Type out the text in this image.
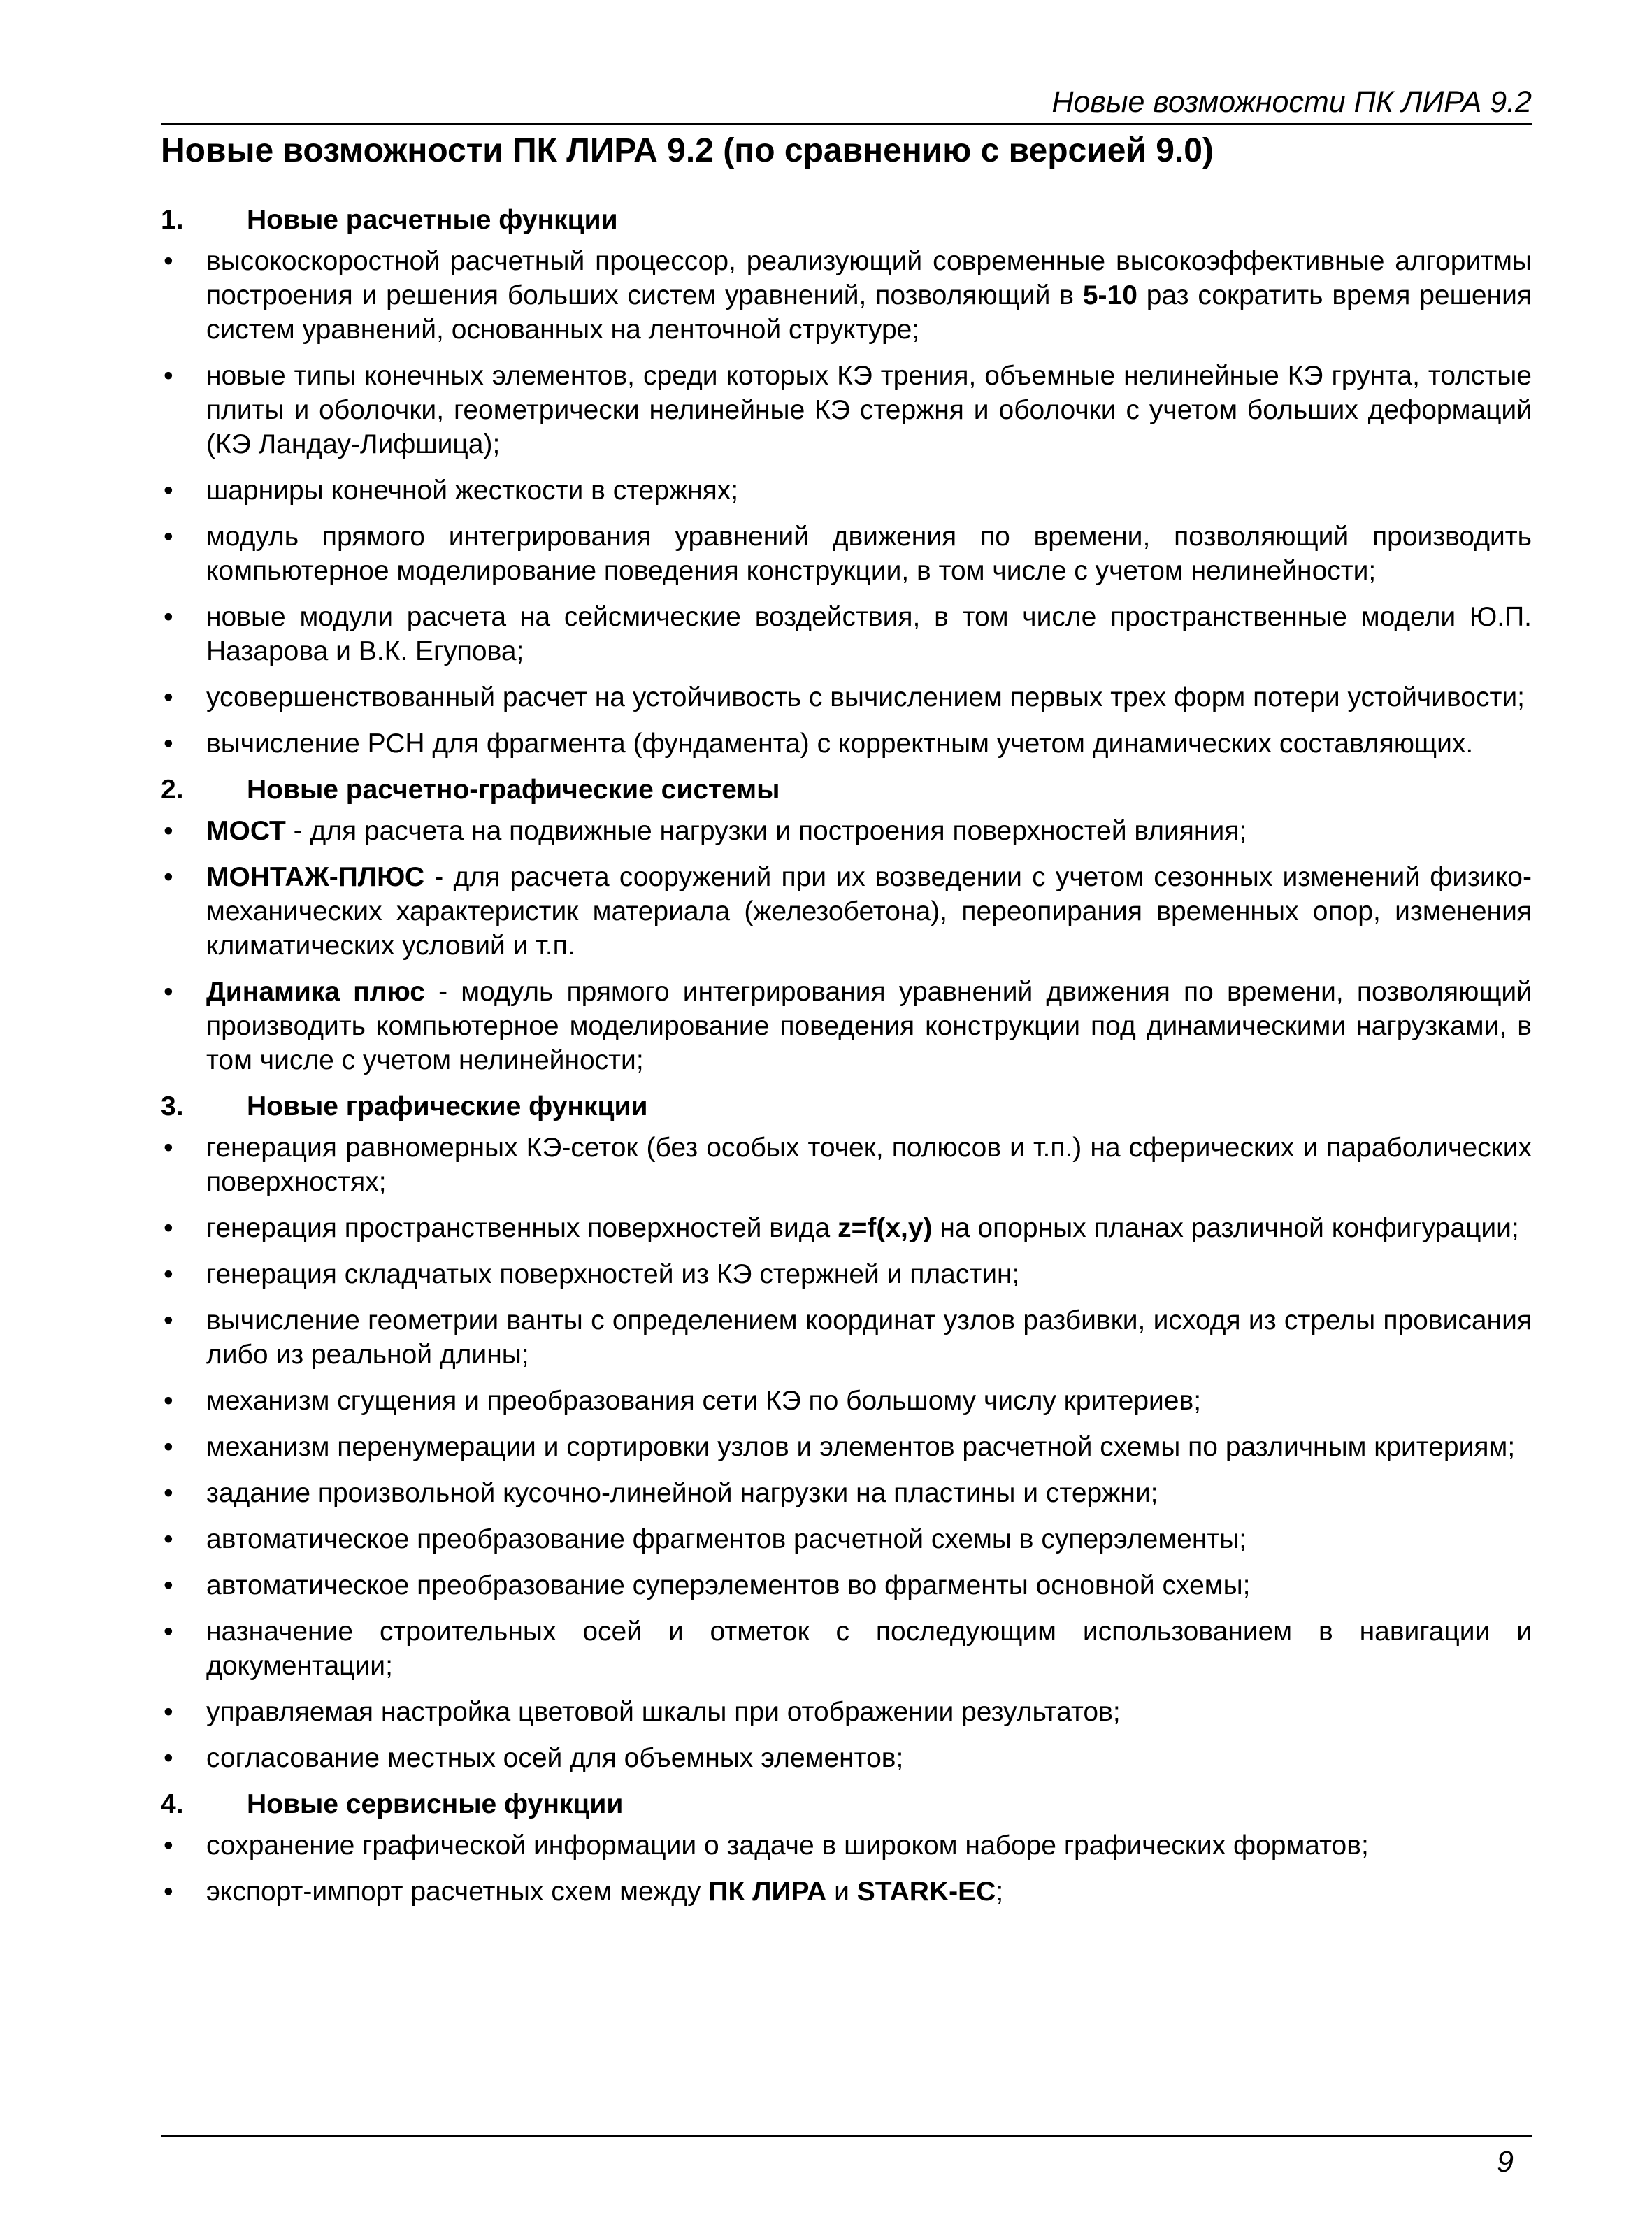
Новые возможности ПК ЛИРА 9.2
Новые возможности ПК ЛИРА 9.2 (по сравнению с версией 9.0)
1.	Новые расчетные функции
•	высокоскоростной расчетный процессор, реализующий современные высокоэффективные алгоритмы построения и решения больших систем уравнений, позволяющий в 5-10 раз сократить время решения систем уравнений, основанных на ленточной структуре;
•	новые типы конечных элементов, среди которых КЭ трения, объемные нелинейные КЭ грунта, толстые плиты и оболочки, геометрически нелинейные КЭ стержня и оболочки с учетом больших деформаций (КЭ Ландау-Лифшица);
•	шарниры конечной жесткости в стержнях;
•	модуль прямого интегрирования уравнений движения по времени, позволяющий производить компьютерное моделирование поведения конструкции, в том числе с учетом нелинейности;
•	новые модули расчета на сейсмические воздействия, в том числе пространственные модели Ю.П. Назарова и В.К. Егупова;
•	усовершенствованный расчет на устойчивость с вычислением первых трех форм потери устойчивости;
•	вычисление РСН для фрагмента (фундамента) с корректным учетом динамических составляющих.
2.	Новые расчетно-графические системы
•	МОСТ - для расчета на подвижные нагрузки и построения поверхностей влияния;
•	МОНТАЖ-ПЛЮС - для расчета сооружений при их возведении с учетом сезонных изменений физико-механических характеристик материала (железобетона), переопирания временных опор, изменения климатических условий и т.п.
•	Динамика плюс - модуль прямого интегрирования уравнений движения по времени, позволяющий производить компьютерное моделирование поведения конструкции под динамическими нагрузками, в том числе с учетом нелинейности;
3.	Новые графические функции
•	генерация равномерных КЭ-сеток (без особых точек, полюсов и т.п.) на сферических и параболических поверхностях;
•	генерация пространственных поверхностей вида z=f(x,y) на опорных планах различной конфигурации;
•	генерация складчатых поверхностей из КЭ стержней и пластин;
•	вычисление геометрии ванты с определением координат узлов разбивки, исходя из стрелы провисания либо из реальной длины;
•	механизм сгущения и преобразования сети КЭ по большому числу критериев;
•	механизм перенумерации и сортировки узлов и элементов расчетной схемы по различным критериям;
•	задание произвольной кусочно-линейной нагрузки на пластины и стержни;
•	автоматическое преобразование фрагментов расчетной схемы в суперэлементы;
•	автоматическое преобразование суперэлементов во фрагменты основной схемы;
•	назначение строительных осей и отметок с последующим использованием в навигации и документации;
•	управляемая настройка цветовой шкалы при отображении результатов;
•	согласование местных осей для объемных элементов;
4.	Новые сервисные функции
•	сохранение графической информации о задаче в широком наборе графических форматов;
•	экспорт-импорт расчетных схем между ПК ЛИРА и STARK-ЕС;
9
